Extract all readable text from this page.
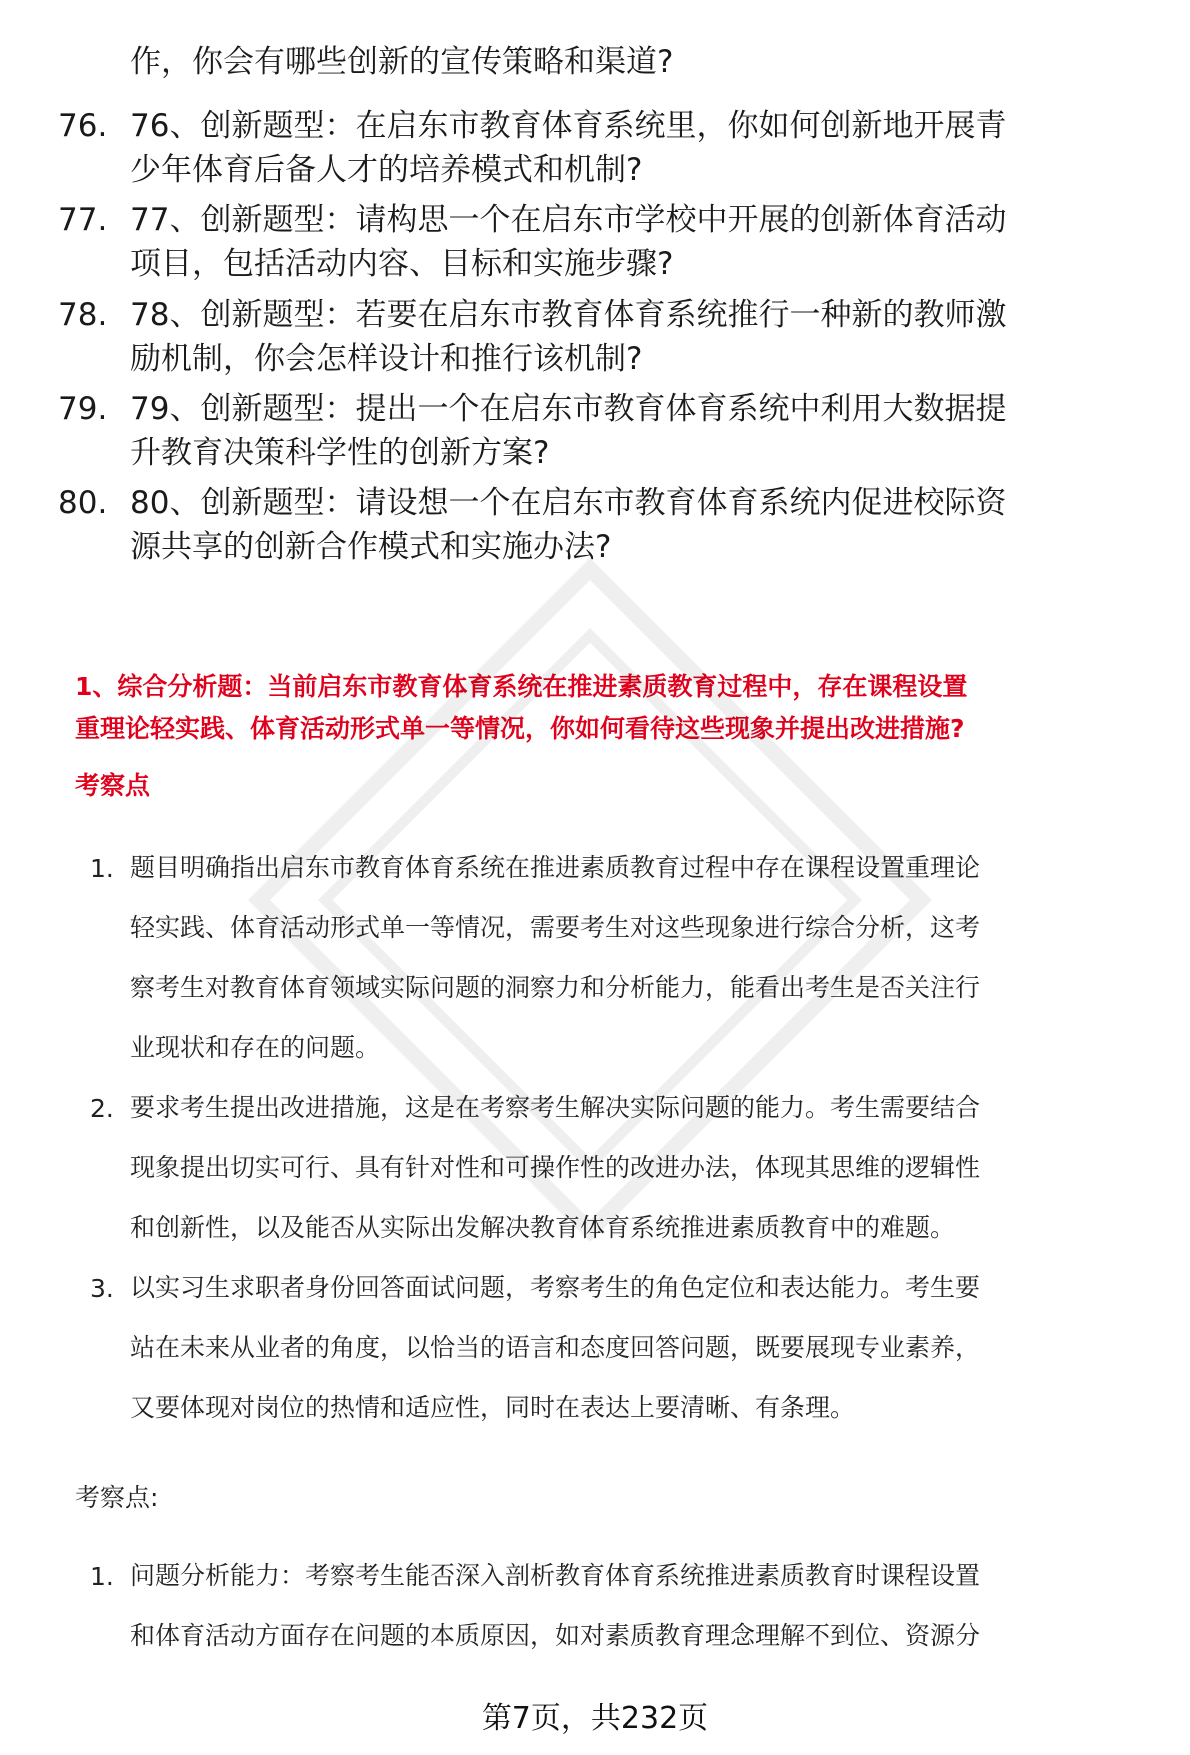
作，你会有哪些创新的宣传策略和渠道?
76. 76、创新题型：在启东市教育体育系统里，你如何创新地开展青
少年体育后备人才的培养模式和机制?
77. 77、创新题型：请构思一个在启东市学校中开展的创新体育活动
项目，包括活动内容、目标和实施步骤?
78. 78、创新题型：若要在启东市教育体育系统推行一种新的教师激
励机制，你会怎样设计和推行该机制?
79. 79、创新题型：提出一个在启东市教育体育系统中利用大数据提
升教育决策科学性的创新方案?
80. 80、创新题型：请设想一个在启东市教育体育系统内促进校际资
源共享的创新合作模式和实施办法?
1、综合分析题：当前启东市教育体育系统在推进素质教育过程中，存在课程设置
重理论轻实践、体育活动形式单一等情况，你如何看待这些现象并提出改进措施?
考察点
1. 题目明确指出启东市教育体育系统在推进素质教育过程中存在课程设置重理论
轻实践、体育活动形式单一等情况，需要考生对这些现象进行综合分析，这考
察考生对教育体育领域实际问题的洞察力和分析能力，能看出考生是否关注行
业现状和存在的问题。
2. 要求考生提出改进措施，这是在考察考生解决实际问题的能力。考生需要结合
现象提出切实可行、具有针对性和可操作性的改进办法，体现其思维的逻辑性
和创新性，以及能否从实际出发解决教育体育系统推进素质教育中的难题。
3. 以实习生求职者身份回答面试问题，考察考生的角色定位和表达能力。考生要
站在未来从业者的角度，以恰当的语言和态度回答问题，既要展现专业素养，
又要体现对岗位的热情和适应性，同时在表达上要清晰、有条理。
考察点:
1. 问题分析能力：考察考生能否深入剖析教育体育系统推进素质教育时课程设置
和体育活动方面存在问题的本质原因，如对素质教育理念理解不到位、资源分
第7页，共232页
